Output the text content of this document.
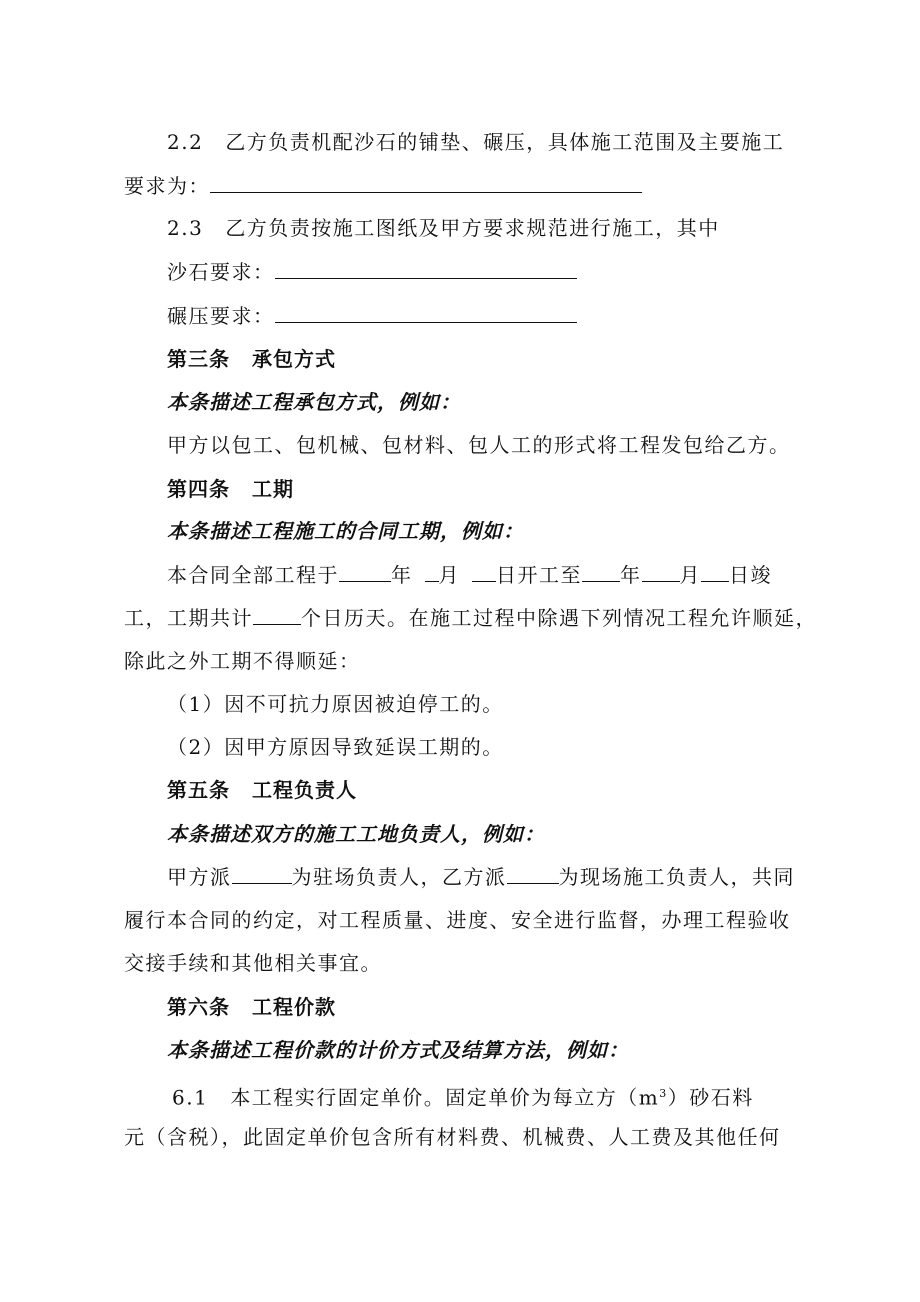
2.2 乙方负责机配沙石的铺垫、碾压，具体施工范围及主要施工
要求为：
2.3 乙方负责按施工图纸及甲方要求规范进行施工，其中
沙石要求：
碾压要求：
第三条 承包方式
本条描述工程承包方式，例如：
甲方以包工、包机械、包材料、包人工的形式将工程发包给乙方。
第四条 工期
本条描述工程施工的合同工期，例如：
本合同全部工程于	年 月 日开工至 年 月 日竣
工，工期共计 个日历天。在施工过程中除遇下列情况工程允许顺延，
除此之外工期不得顺延：
（1）因不可抗力原因被迫停工的。
（2）因甲方原因导致延误工期的。
第五条 工程负责人
本条描述双方的施工工地负责人，例如：
甲方派	为驻场负责人，乙方派	为现场施工负责人，共同
履行本合同的约定，对工程质量、进度、安全进行监督，办理工程验收
交接手续和其他相关事宜。
第六条 工程价款
本条描述工程价款的计价方式及结算方法，例如：
6.1 本工程实行固定单价。固定单价为每立方$(m^3)$砂石料
元（含税），此固定单价包含所有材料费、机械费、人工费及其他任何
